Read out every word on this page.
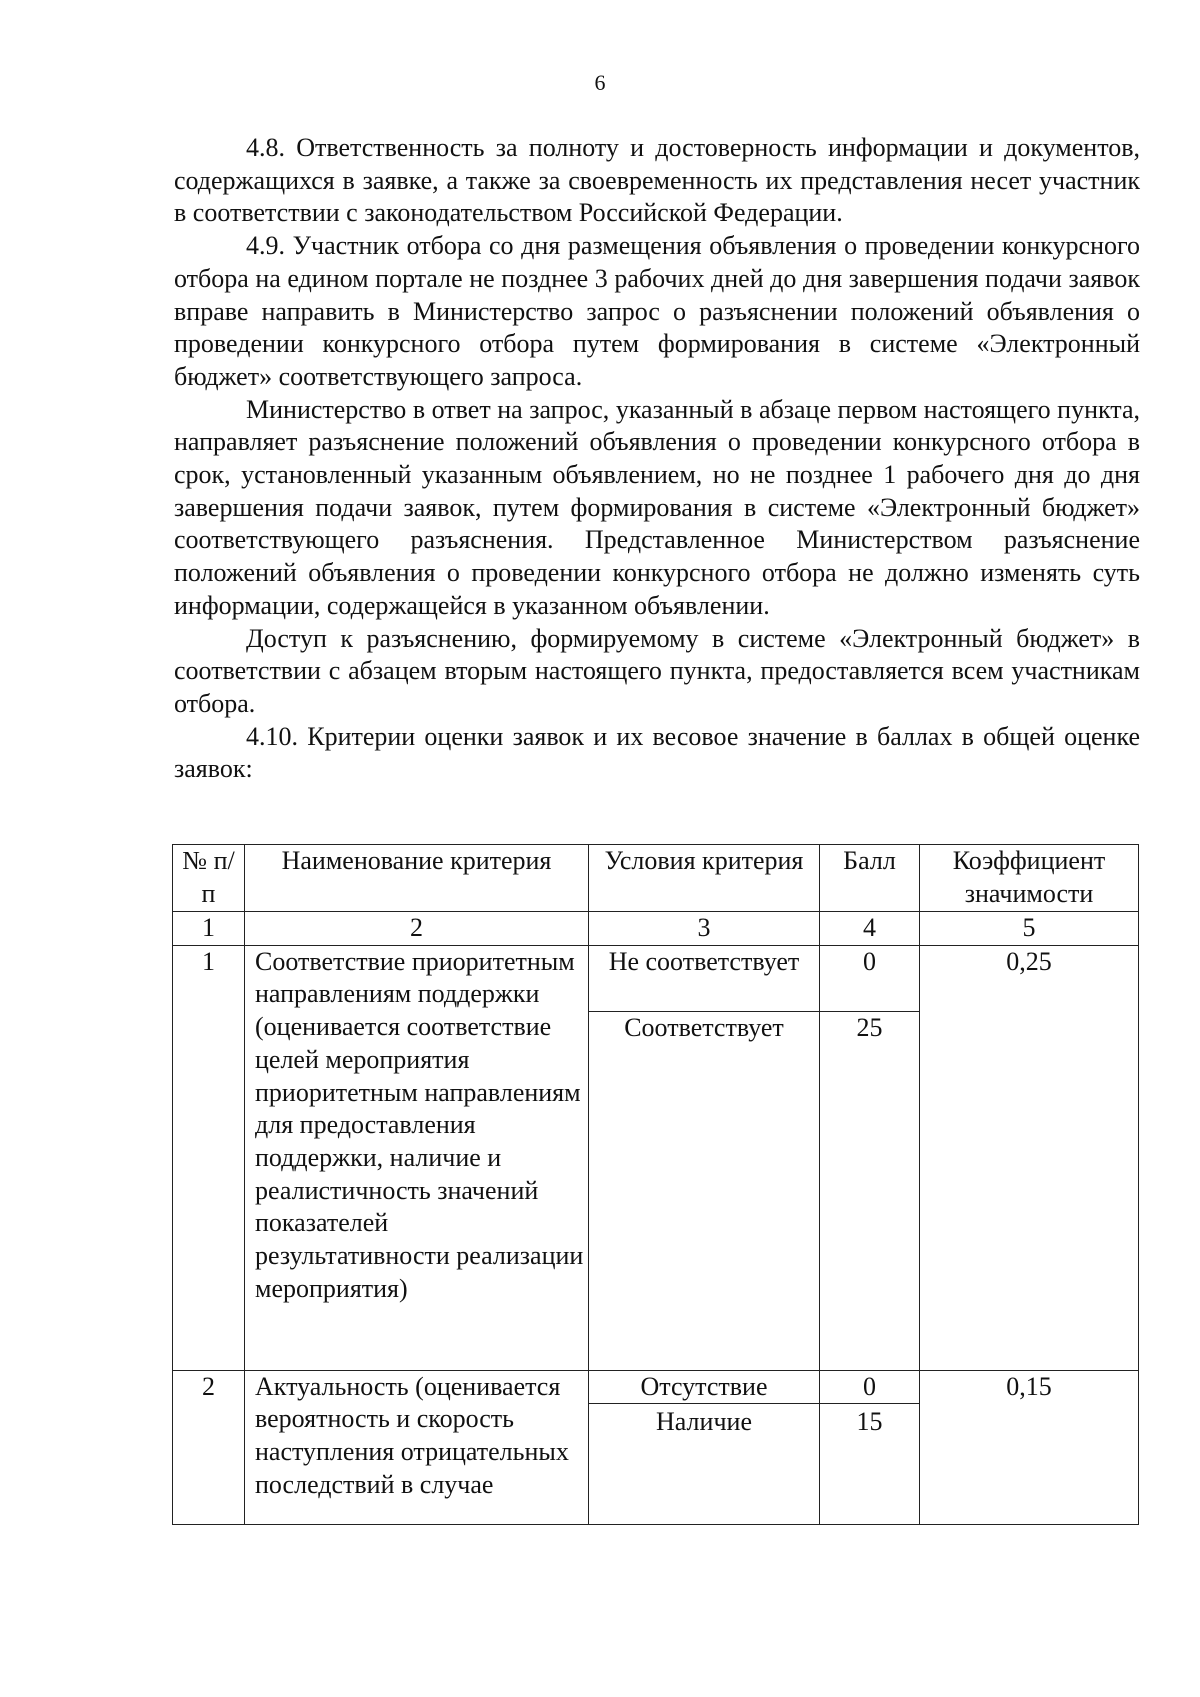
6

4.8. Ответственность за полноту и достоверность информации и документов, содержащихся в заявке, а также за своевременность их представления несет участник в соответствии с законодательством Российской Федерации.

4.9. Участник отбора со дня размещения объявления о проведении конкурсного отбора на едином портале не позднее 3 рабочих дней до дня завершения подачи заявок вправе направить в Министерство запрос о разъяснении положений объявления о проведении конкурсного отбора путем формирования в системе «Электронный бюджет» соответствующего запроса.

Министерство в ответ на запрос, указанный в абзаце первом настоящего пункта, направляет разъяснение положений объявления о проведении конкурсного отбора в срок, установленный указанным объявлением, но не позднее 1 рабочего дня до дня завершения подачи заявок, путем формирования в системе «Электронный бюджет» соответствующего разъяснения. Представленное Министерством разъяснение положений объявления о проведении конкурсного отбора не должно изменять суть информации, содержащейся в указанном объявлении.

Доступ к разъяснению, формируемому в системе «Электронный бюджет» в соответствии с абзацем вторым настоящего пункта, предоставляется всем участникам отбора.

4.10. Критерии оценки заявок и их весовое значение в баллах в общей оценке заявок:

№ п/п	Наименование критерия	Условия критерия	Балл	Коэффициент значимости
1	2	3	4	5
1	Соответствие приоритетным направлениям поддержки (оценивается соответствие целей мероприятия приоритетным направлениям для предоставления поддержки, наличие и реалистичность значений показателей результативности реализации мероприятия)	Не соответствует	0	0,25
		Соответствует	25	
2	Актуальность (оценивается вероятность и скорость наступления отрицательных последствий в случае	Отсутствие	0	0,15
		Наличие	15	
